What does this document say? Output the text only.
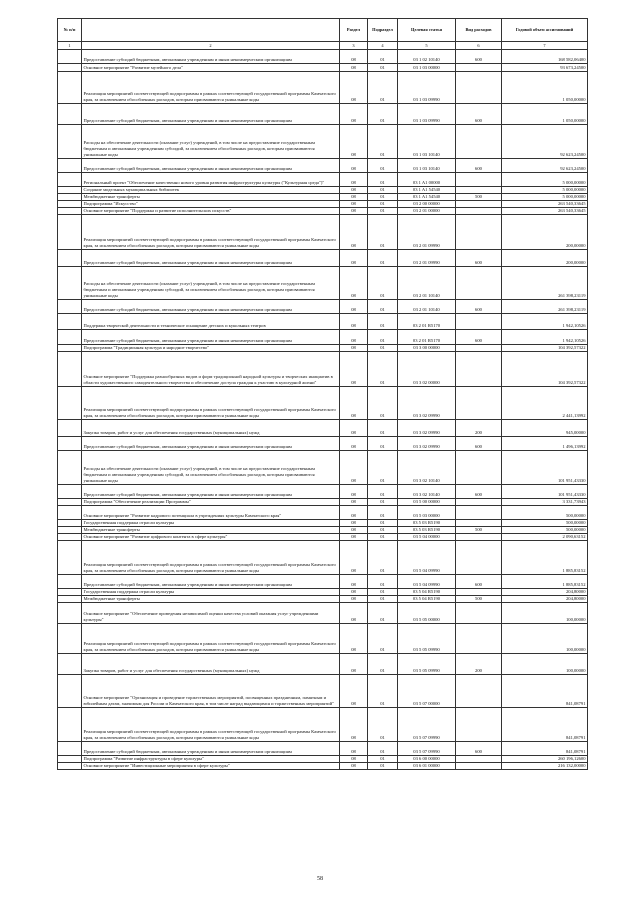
№ п/п		Раздел	Подраздел	Целевая статья	Вид расходов	Годовой объем ассигнований
1	2	3	4	5	6	7
	Предоставление субсидий бюджетным, автономным учреждениям и иным некоммерческим организациям	08	01	03 1 02 10140	600	168 582,06400
	Основное мероприятие "Развитие музейного дела"	08	01	03 1 03 00000		93 673,24500
	Реализация мероприятий соответствующей подпрограммы в рамках соответствующей государственной программы Камчатского края, за исключением обособленных расходов, которым присваиваются уникальные коды	08	01	03 1 03 09990		1 050,00000
	Предоставление субсидий бюджетным, автономным учреждениям и иным некоммерческим организациям	08	01	03 1 03 09990	600	1 050,00000
	Расходы на обеспечение деятельности (оказание услуг) учреждений, в том числе на предоставление государственным бюджетным и автономным учреждениям субсидий, за исключением обособленных расходов, которым присваиваются уникальные коды	08	01	03 1 03 10140		92 623,24500
	Предоставление субсидий бюджетным, автономным учреждениям и иным некоммерческим организациям	08	01	03 1 03 10140	600	92 623,24500
	Региональный проект "Обеспечение качественно нового уровня развития инфраструктуры культуры ("Культурная среда")"	08	01	03 1 A1 00000		5 000,00000
	Создание модельных муниципальных библиотек	08	01	03 1 A1 54540		5 000,00000
	Межбюджетные трансферты	08	01	03 1 A1 54540	500	5 000,00000
	Подпрограмма "Искусство"	08	01	03 2 00 00000		263 540,33645
	Основное мероприятие "Поддержка и развитие исполнительских искусств"	08	01	03 2 01 00000		263 540,33645
	Реализация мероприятий соответствующей подпрограммы в рамках соответствующей государственной программы Камчатского края, за исключением обособленных расходов, которым присваиваются уникальные коды	08	01	03 2 01 09990		200,00000
	Предоставление субсидий бюджетным, автономным учреждениям и иным некоммерческим организациям	08	01	03 2 01 09990	600	200,00000
	Расходы на обеспечение деятельности (оказание услуг) учреждений, в том числе на предоставление государственным бюджетным и автономным учреждениям субсидий, за исключением обособленных расходов, которым присваиваются уникальные коды	08	01	03 2 01 10140		261 398,23119
	Предоставление субсидий бюджетным, автономным учреждениям и иным некоммерческим организациям	08	01	03 2 01 10140	600	261 398,23119
	Поддержка творческой деятельности и техническое оснащение детских и кукольных театров	08	01	03 2 01 R5170		1 942,10526
	Предоставление субсидий бюджетным, автономным учреждениям и иным некоммерческим организациям	08	01	03 2 01 R5170	600	1 942,10526
	Подпрограмма "Традиционная культура и народное творчество"	08	01	03 3 00 00000		104 392,57322
	Основное мероприятие "Поддержка разнообразных видов и форм традиционной народной культуры и творческих инициатив в области художественного самодеятельного творчества и обеспечение доступа граждан к участию в культурной жизни"	08	01	03 3 02 00000		104 392,57322
	Реализация мероприятий соответствующей подпрограммы в рамках соответствующей государственной программы Камчатского края, за исключением обособленных расходов, которым присваиваются уникальные коды	08	01	03 3 02 09990		2 441,13992
	Закупка товаров, работ и услуг для обеспечения государственных (муниципальных) нужд	08	01	03 3 02 09990	200	945,00000
	Предоставление субсидий бюджетным, автономным учреждениям и иным некоммерческим организациям	08	01	03 3 02 09990	600	1 496,13992
	Расходы на обеспечение деятельности (оказание услуг) учреждений, в том числе на предоставление государственным бюджетным и автономным учреждениям субсидий, за исключением обособленных расходов, которым присваиваются уникальные коды	08	01	03 3 02 10140		101 951,43330
	Предоставление субсидий бюджетным, автономным учреждениям и иным некоммерческим организациям	08	01	03 3 02 10140	600	101 951,43330
	Подпрограмма "Обеспечение реализации Программы"	08	01	03 5 00 00000		3 331,73943
	Основное мероприятие "Развитие кадрового потенциала в учреждениях культуры Камчатского края"	08	01	03 5 03 00000		500,00000
	Государственная поддержка отрасли культуры	08	01	03 5 03 R5190		500,00000
	Межбюджетные трансферты	08	01	03 5 03 R5190	500	500,00000
	Основное мероприятие "Развитие цифрового контента в сфере культуры"	08	01	03 5 04 00000		2 090,63152
	Реализация мероприятий соответствующей подпрограммы в рамках соответствующей государственной программы Камчатского края, за исключением обособленных расходов, которым присваиваются уникальные коды	08	01	03 5 04 09990		1 885,83152
	Предоставление субсидий бюджетным, автономным учреждениям и иным некоммерческим организациям	08	01	03 5 04 09990	600	1 885,83152
	Государственная поддержка отрасли культуры	08	01	03 5 04 R5190		204,80000
	Межбюджетные трансферты	08	01	03 5 04 R5190	500	204,80000
	Основное мероприятие "Обеспечение проведения независимой оценки качества условий оказания услуг учреждениями культуры"	08	01	03 5 05 00000		100,00000
	Реализация мероприятий соответствующей подпрограммы в рамках соответствующей государственной программы Камчатского края, за исключением обособленных расходов, которым присваиваются уникальные коды	08	01	03 5 05 09990		100,00000
	Закупка товаров, работ и услуг для обеспечения государственных (муниципальных) нужд	08	01	03 5 05 09990	200	100,00000
	Основное мероприятие "Организация и проведение торжественных мероприятий, посвященных праздничным, памятным и юбилейным датам, значимым для России и Камчатского края, в том числе наград выдающимся и торжественных мероприятий"	08	01	03 5 07 00000		841,08791
	Реализация мероприятий соответствующей подпрограммы в рамках соответствующей государственной программы Камчатского края, за исключением обособленных расходов, которым присваиваются уникальные коды	08	01	03 5 07 09990		841,08791
	Предоставление субсидий бюджетным, автономным учреждениям и иным некоммерческим организациям	08	01	03 5 07 09990	600	841,08791
	Подпрограмма "Развитие инфраструктуры в сфере культуры"	08	01	03 6 00 00000		260 196,12600
	Основное мероприятие "Инвестиционные мероприятия в сфере культуры"	08	01	03 6 01 00000		216 132,00000
58
